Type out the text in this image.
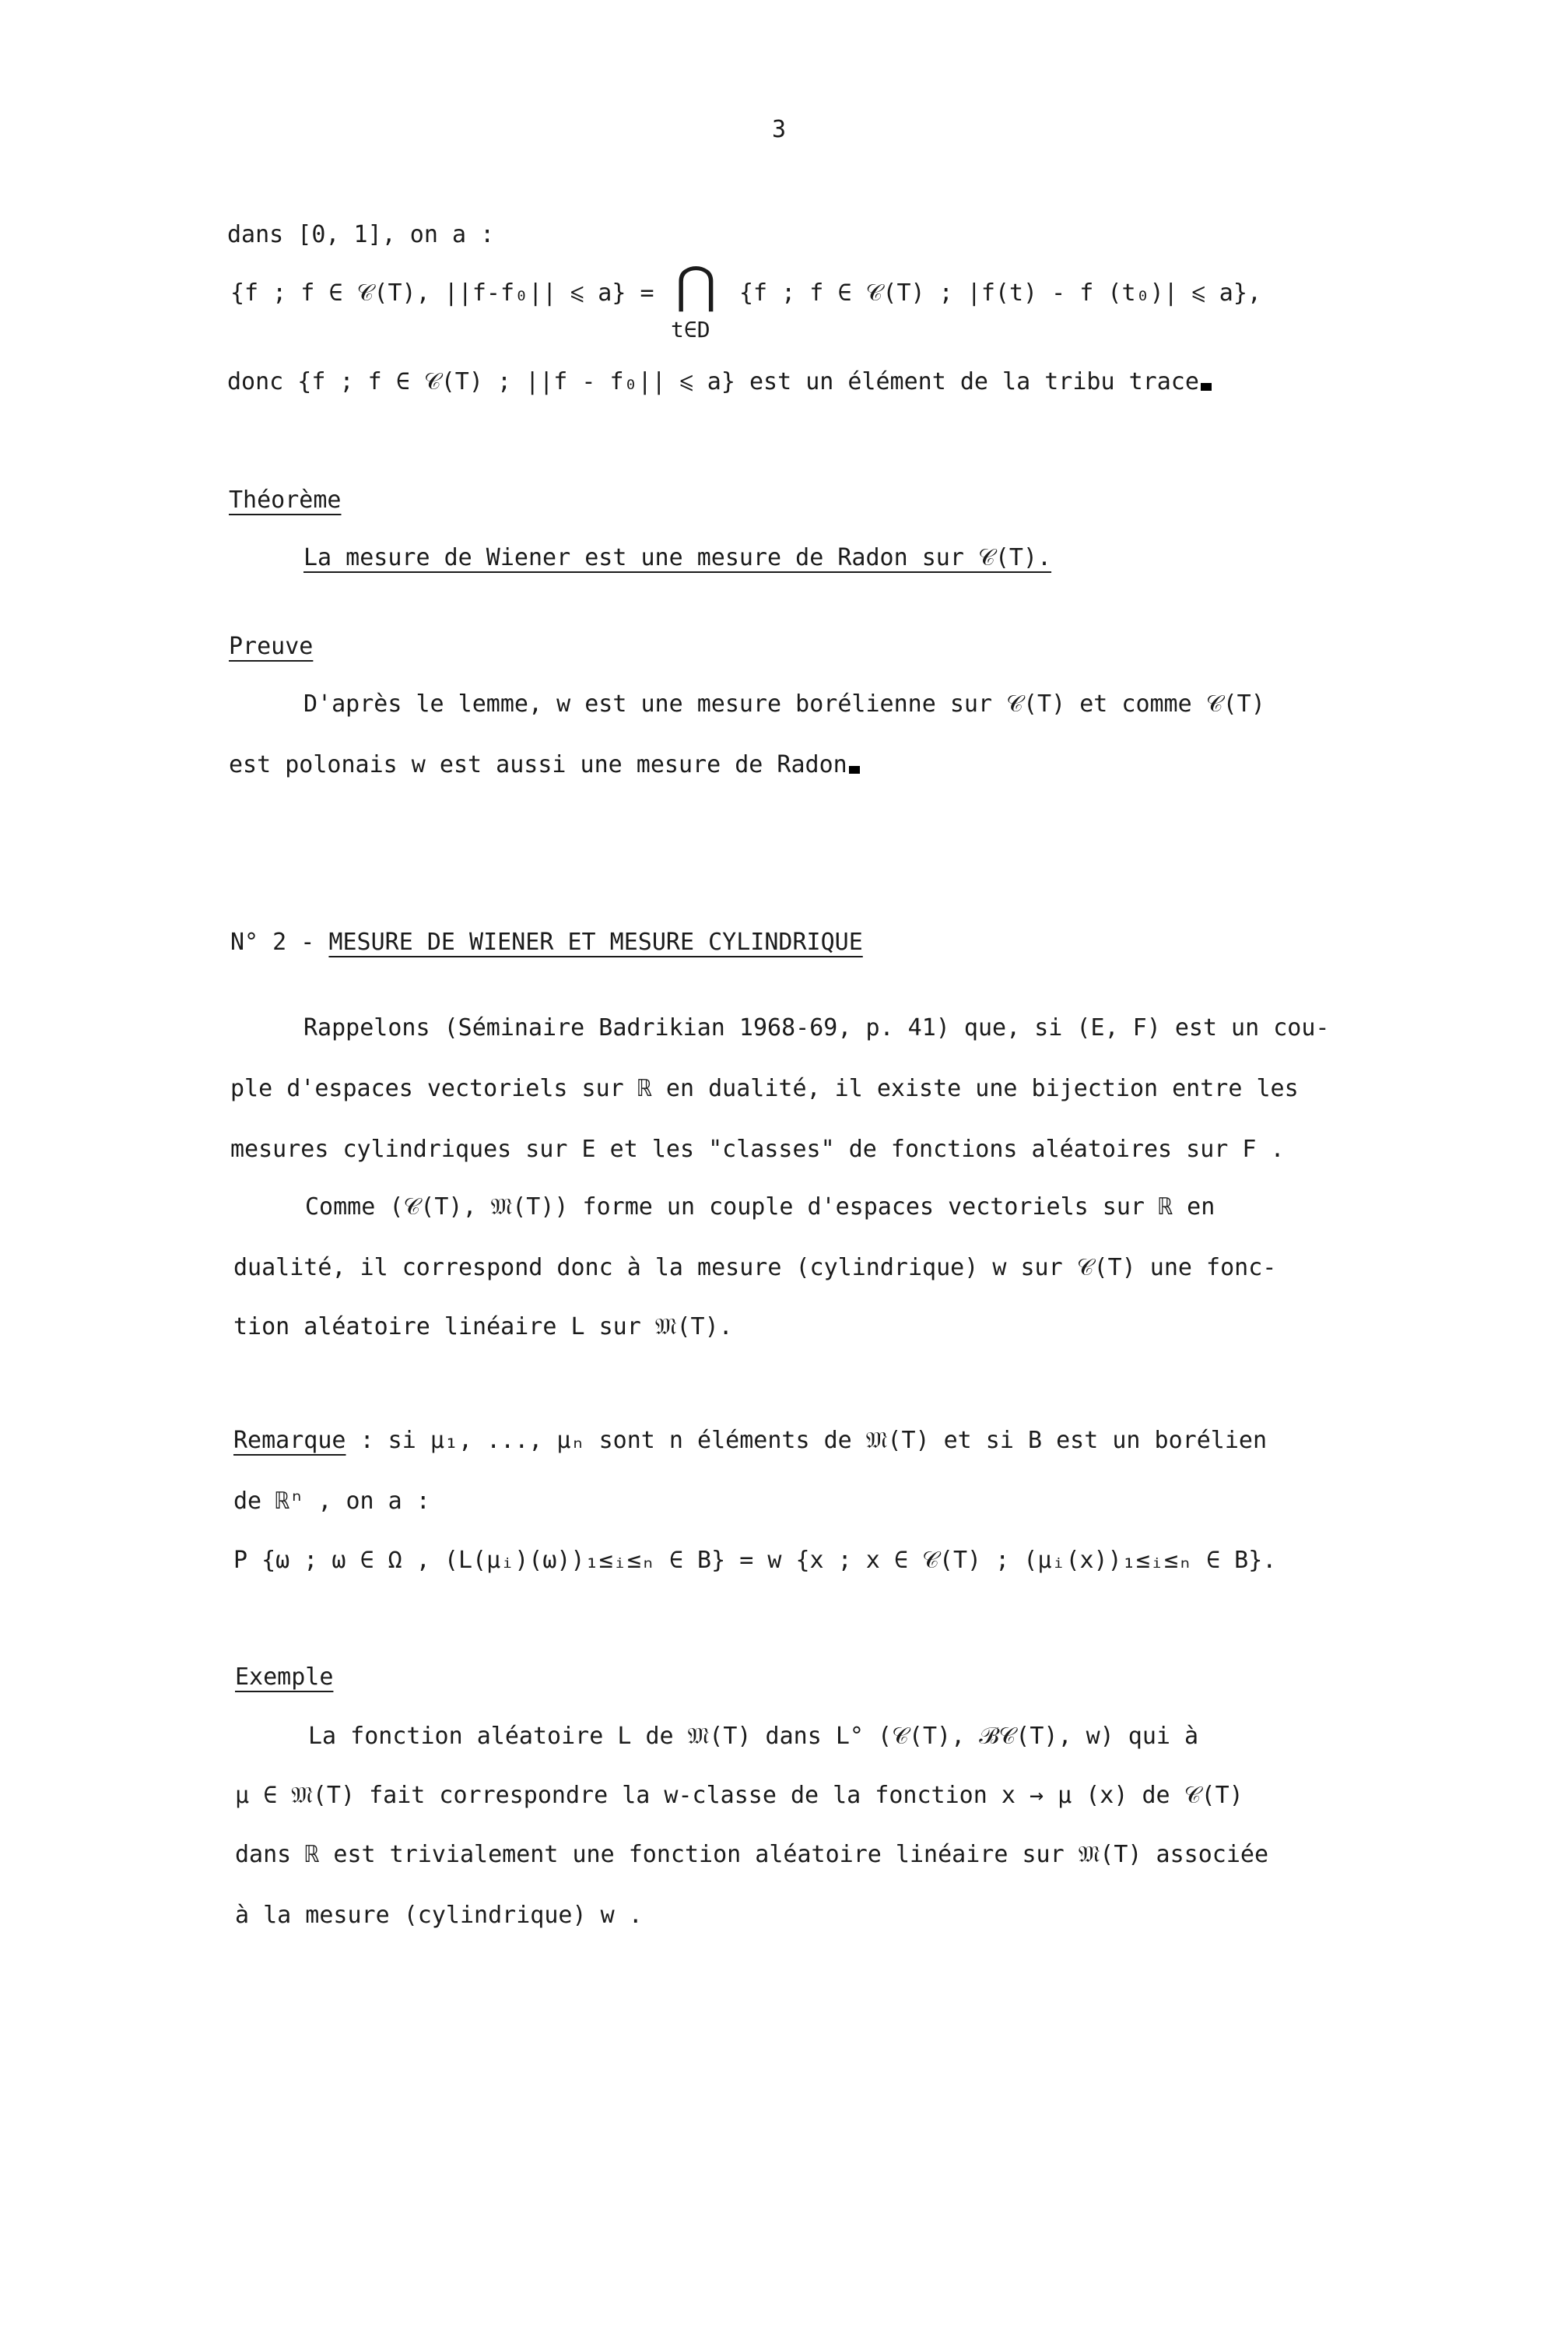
3
dans [0, 1], on a :
{f ; f ∈ 𝒞(T), ||f-f₀|| ⩽ a} = ⋂ {f ; f ∈ 𝒞(T) ; |f(t) - f (t₀)| ⩽ a},
t∈D
donc {f ; f ∈ 𝒞(T) ; ||f - f₀|| ⩽ a} est un élément de la tribu trace
Théorème
La mesure de Wiener est une mesure de Radon sur 𝒞(T).
Preuve
D'après le lemme, w est une mesure borélienne sur 𝒞(T) et comme 𝒞(T)
est polonais w est aussi une mesure de Radon
N° 2 - MESURE DE WIENER ET MESURE CYLINDRIQUE
Rappelons (Séminaire Badrikian 1968-69, p. 41) que, si (E, F) est un cou-
ple d'espaces vectoriels sur ℝ en dualité, il existe une bijection entre les
mesures cylindriques sur E et les "classes" de fonctions aléatoires sur F .
Comme (𝒞(T), 𝔐(T)) forme un couple d'espaces vectoriels sur ℝ en
dualité, il correspond donc à la mesure (cylindrique) w sur 𝒞(T) une fonc-
tion aléatoire linéaire L sur 𝔐(T).
Remarque : si μ₁, ..., μₙ sont n éléments de 𝔐(T) et si B est un borélien
de ℝⁿ , on a :
P {ω ; ω ∈ Ω , (L(μᵢ)(ω))₁≤ᵢ≤ₙ ∈ B} = w {x ; x ∈ 𝒞(T) ; (μᵢ(x))₁≤ᵢ≤ₙ ∈ B}.
Exemple
La fonction aléatoire L de 𝔐(T) dans L° (𝒞(T), ℬ𝒞(T), w) qui à
μ ∈ 𝔐(T) fait correspondre la w-classe de la fonction x → μ (x) de 𝒞(T)
dans ℝ est trivialement une fonction aléatoire linéaire sur 𝔐(T) associée
à la mesure (cylindrique) w .
